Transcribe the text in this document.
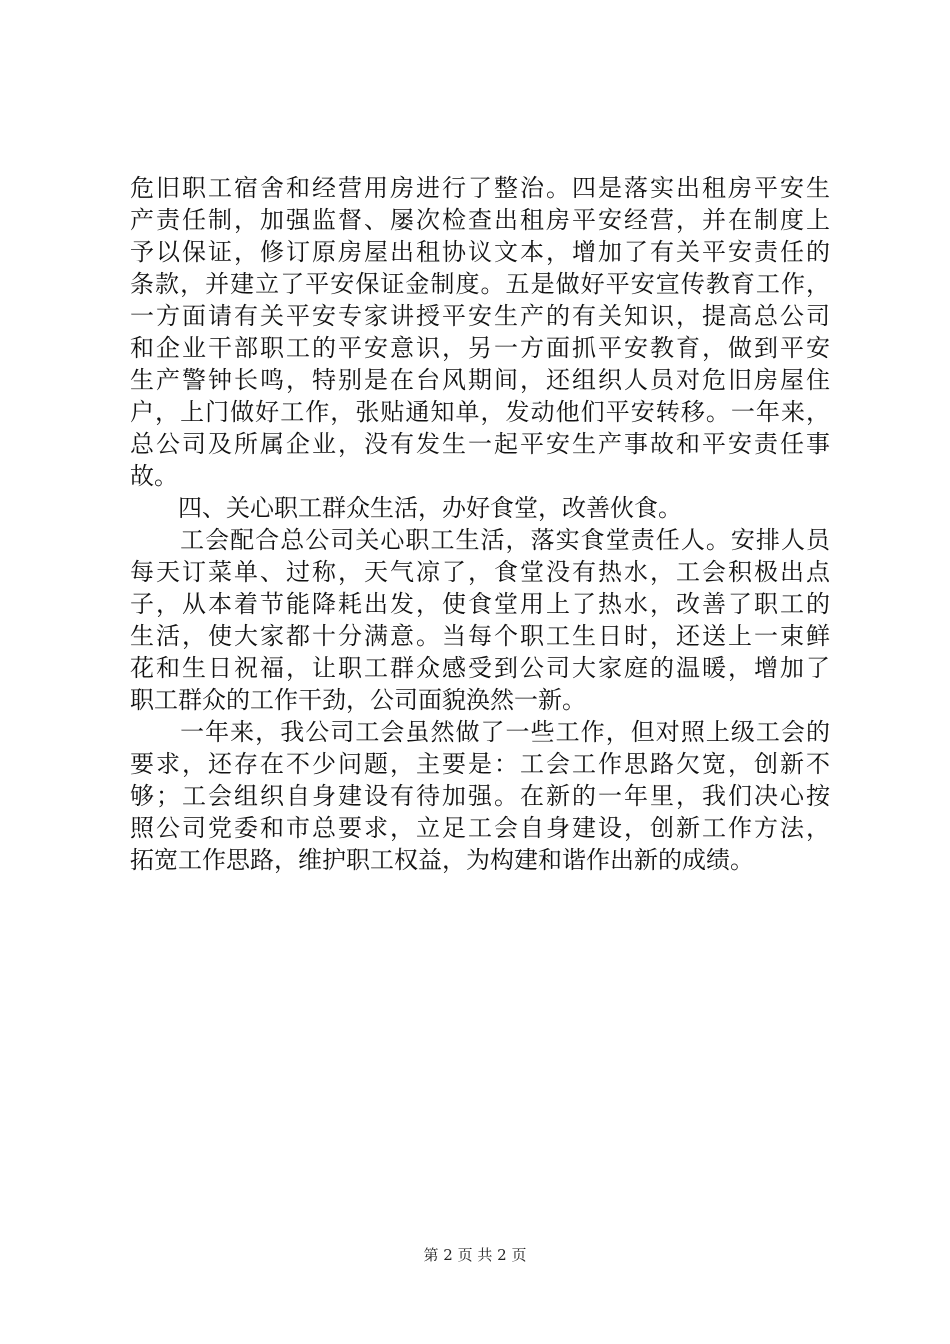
危旧职工宿舍和经营用房进行了整治。四是落实出租房平安生
产责任制，加强监督、屡次检查出租房平安经营，并在制度上
予以保证，修订原房屋出租协议文本，增加了有关平安责任的
条款，并建立了平安保证金制度。五是做好平安宣传教育工作，
一方面请有关平安专家讲授平安生产的有关知识，提高总公司
和企业干部职工的平安意识，另一方面抓平安教育，做到平安
生产警钟长鸣，特别是在台风期间，还组织人员对危旧房屋住
户，上门做好工作，张贴通知单，发动他们平安转移。一年来，
总公司及所属企业，没有发生一起平安生产事故和平安责任事
故。
　　四、关心职工群众生活，办好食堂，改善伙食。
　　工会配合总公司关心职工生活，落实食堂责任人。安排人员
每天订菜单、过称，天气凉了，食堂没有热水，工会积极出点
子，从本着节能降耗出发，使食堂用上了热水，改善了职工的
生活，使大家都十分满意。当每个职工生日时，还送上一束鲜
花和生日祝福，让职工群众感受到公司大家庭的温暖，增加了
职工群众的工作干劲，公司面貌涣然一新。
　　一年来，我公司工会虽然做了一些工作，但对照上级工会的
要求，还存在不少问题，主要是：工会工作思路欠宽，创新不
够；工会组织自身建设有待加强。在新的一年里，我们决心按
照公司党委和市总要求，立足工会自身建设，创新工作方法，
拓宽工作思路，维护职工权益，为构建和谐作出新的成绩。
第 2 页 共 2 页
